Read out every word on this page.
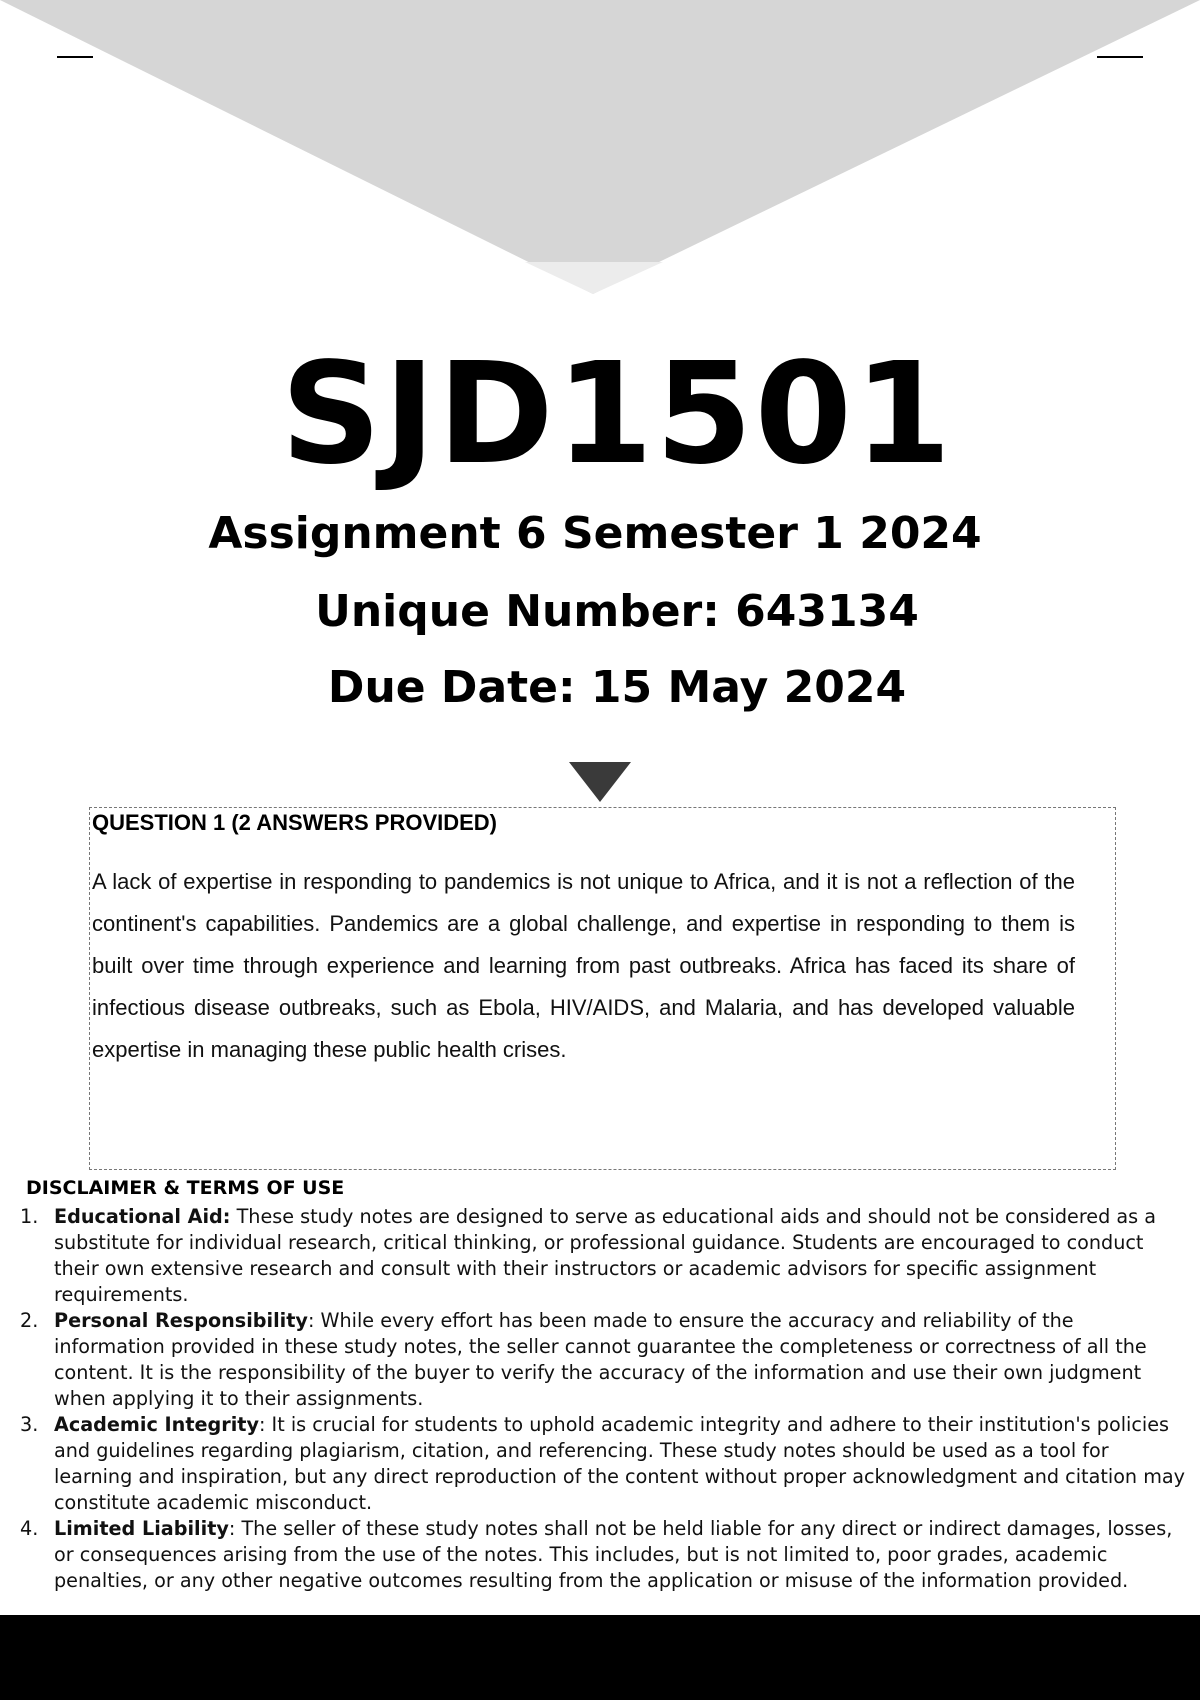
SJD1501
Assignment 6 Semester 1 2024
Unique Number: 643134
Due Date: 15 May 2024
QUESTION 1 (2 ANSWERS PROVIDED)
A lack of expertise in responding to pandemics is not unique to Africa, and it is not a reflection of the continent's capabilities. Pandemics are a global challenge, and expertise in responding to them is built over time through experience and learning from past outbreaks. Africa has faced its share of infectious disease outbreaks, such as Ebola, HIV/AIDS, and Malaria, and has developed valuable expertise in managing these public health crises.
DISCLAIMER & TERMS OF USE
1. Educational Aid: These study notes are designed to serve as educational aids and should not be considered as a substitute for individual research, critical thinking, or professional guidance. Students are encouraged to conduct their own extensive research and consult with their instructors or academic advisors for specific assignment requirements.
2. Personal Responsibility: While every effort has been made to ensure the accuracy and reliability of the information provided in these study notes, the seller cannot guarantee the completeness or correctness of all the content. It is the responsibility of the buyer to verify the accuracy of the information and use their own judgment when applying it to their assignments.
3. Academic Integrity: It is crucial for students to uphold academic integrity and adhere to their institution's policies and guidelines regarding plagiarism, citation, and referencing. These study notes should be used as a tool for learning and inspiration, but any direct reproduction of the content without proper acknowledgment and citation may constitute academic misconduct.
4. Limited Liability: The seller of these study notes shall not be held liable for any direct or indirect damages, losses, or consequences arising from the use of the notes. This includes, but is not limited to, poor grades, academic penalties, or any other negative outcomes resulting from the application or misuse of the information provided.
